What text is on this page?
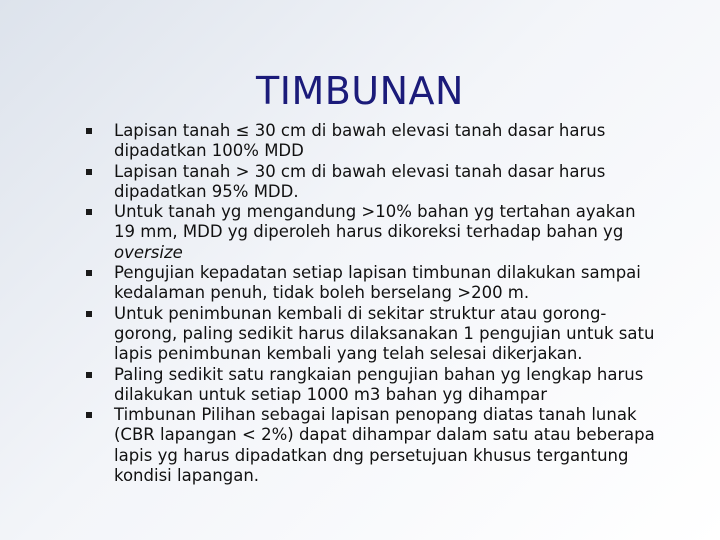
TIMBUNAN
Lapisan tanah ≤ 30 cm di bawah elevasi tanah dasar harus dipadatkan 100% MDD
Lapisan tanah > 30 cm di bawah elevasi tanah dasar harus dipadatkan 95% MDD.
Untuk tanah yg mengandung >10% bahan yg tertahan ayakan 19 mm, MDD yg diperoleh harus dikoreksi terhadap bahan yg oversize
Pengujian kepadatan setiap lapisan timbunan dilakukan sampai kedalaman penuh, tidak boleh berselang >200 m.
Untuk penimbunan kembali di sekitar struktur atau gorong-gorong, paling sedikit harus dilaksanakan 1 pengujian untuk satu lapis penimbunan kembali yang telah selesai dikerjakan.
Paling sedikit satu rangkaian pengujian bahan yg lengkap harus dilakukan untuk setiap 1000 m3 bahan yg dihampar
Timbunan Pilihan sebagai lapisan penopang diatas tanah lunak (CBR lapangan < 2%) dapat dihampar dalam satu atau beberapa lapis yg harus dipadatkan dng persetujuan khusus tergantung kondisi lapangan.
